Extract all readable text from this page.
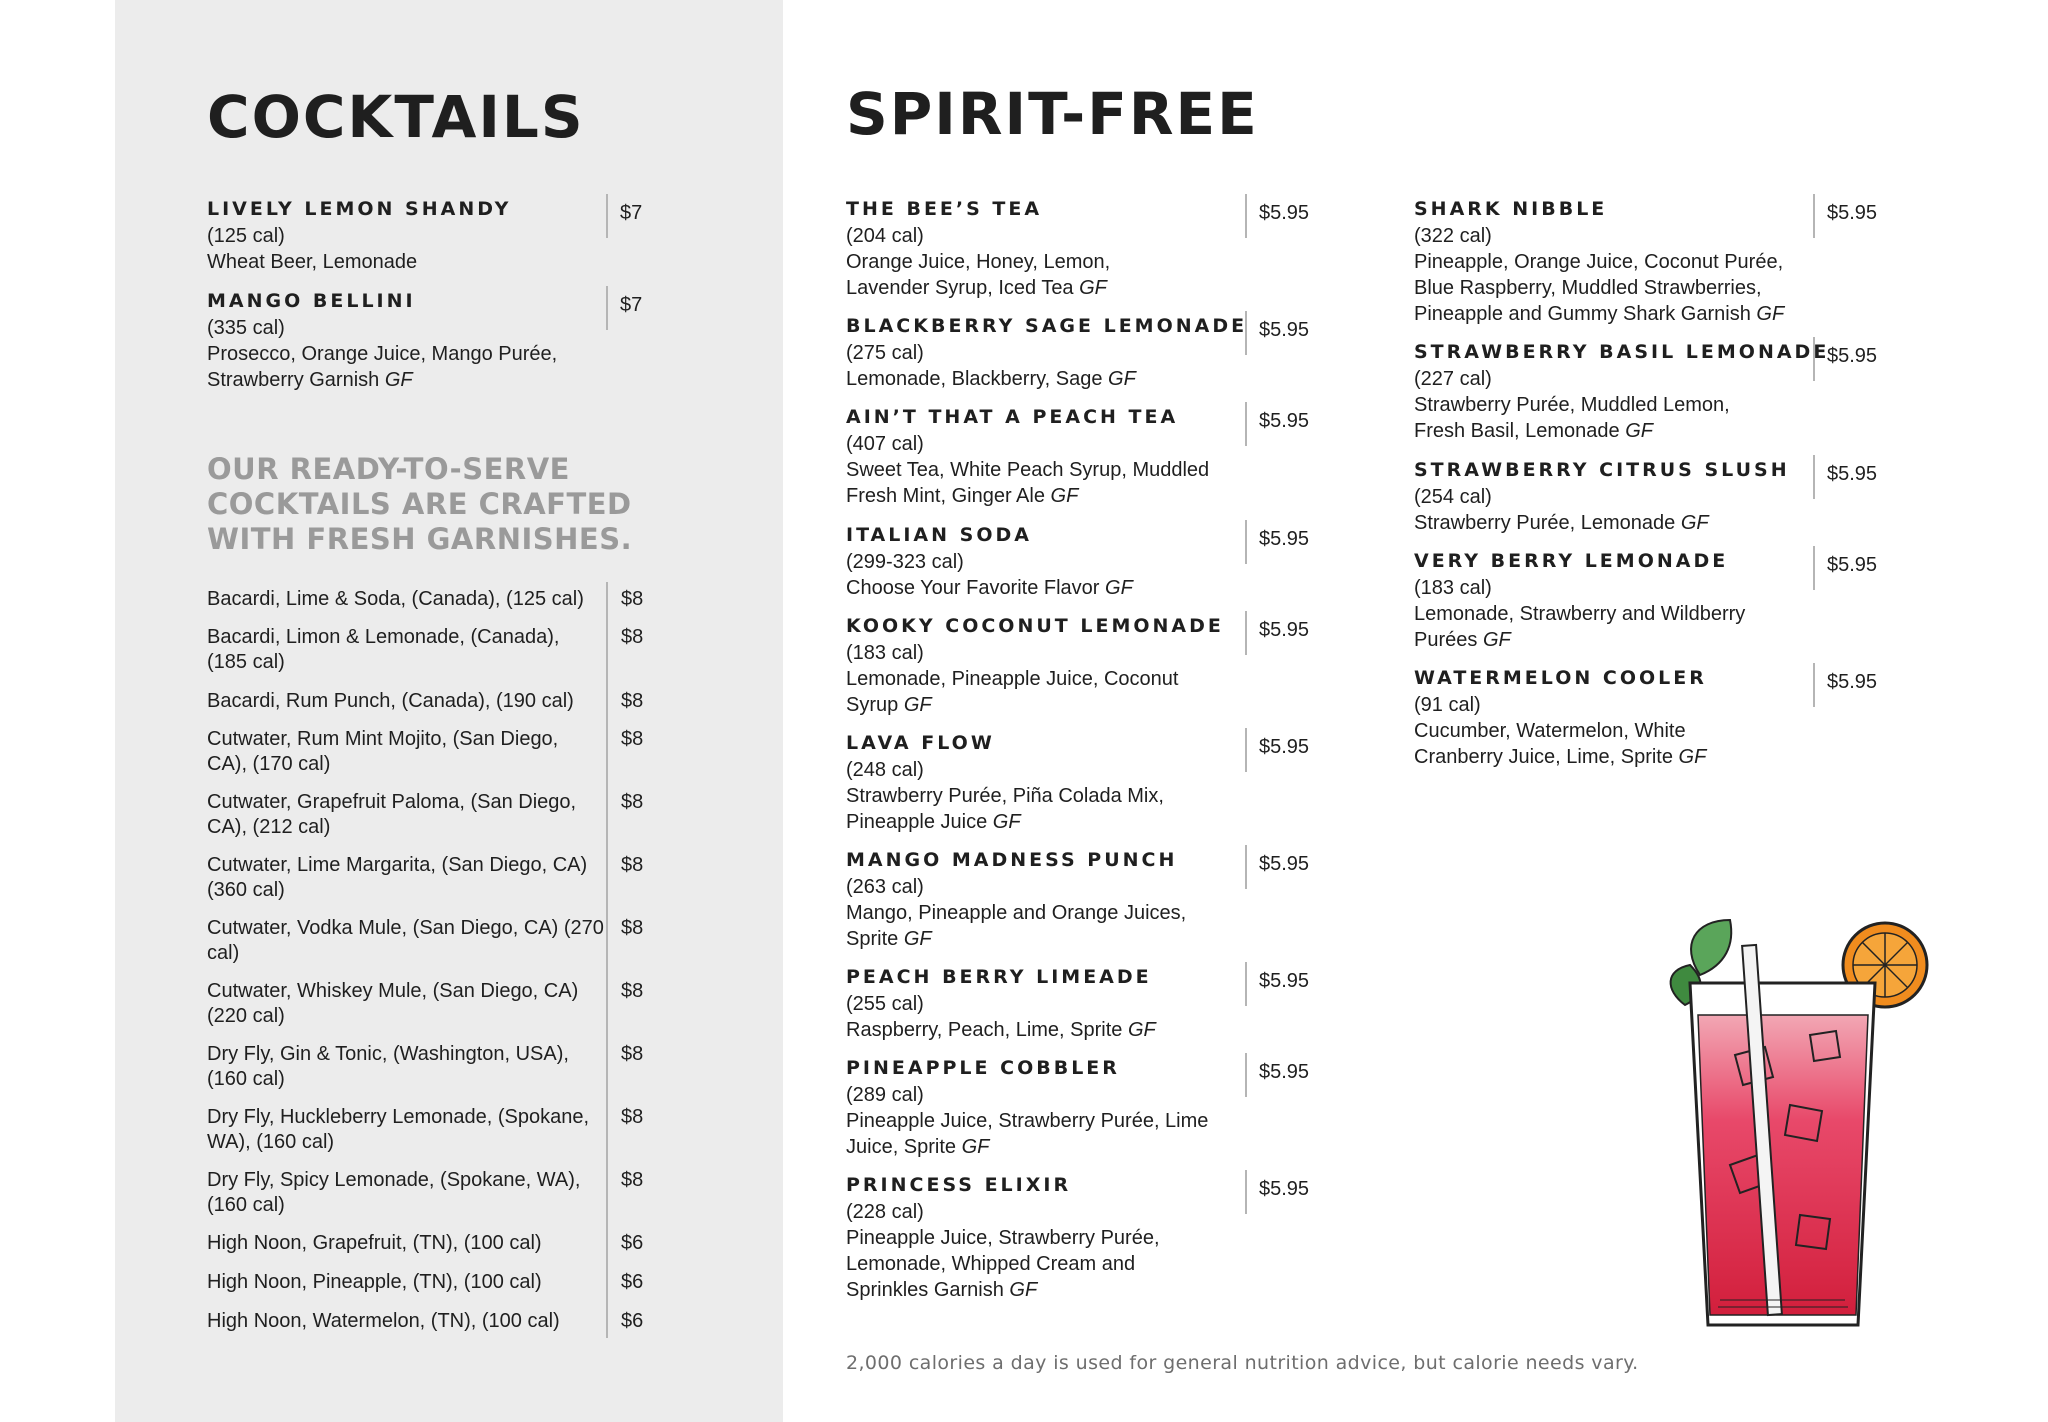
COCKTAILS	SPIRIT-FREE
LIVELY LEMON SHANDY
(125 cal)
Wheat Beer, Lemonade
$7
MANGO BELLINI
(335 cal)
Prosecco, Orange Juice, Mango Purée,
Strawberry Garnish GF
$7
OUR READY-TO-SERVE COCKTAILS ARE CRAFTED WITH FRESH GARNISHES.
Bacardi, Lime & Soda, (Canada), (125 cal)	$8
Bacardi, Limon & Lemonade, (Canada), (185 cal)
$8
Bacardi, Rum Punch, (Canada), (190 cal)	$8
Cutwater, Rum Mint Mojito, (San Diego, CA), (170 cal)
$8
Cutwater, Grapefruit Paloma, (San Diego, CA), (212 cal)
$8
Cutwater, Lime Margarita, (San Diego, CA) (360 cal)
$8
Cutwater, Vodka Mule, (San Diego, CA) (270 cal)
$8
Cutwater, Whiskey Mule, (San Diego, CA) (220 cal)
$8
Dry Fly, Gin & Tonic, (Washington, USA), (160 cal)
$8
Dry Fly, Huckleberry Lemonade, (Spokane, WA), (160 cal)
$8
Dry Fly, Spicy Lemonade, (Spokane, WA), (160 cal)
$8
High Noon, Grapefruit, (TN), (100 cal)	$6
High Noon, Pineapple, (TN), (100 cal)	$6
High Noon, Watermelon, (TN), (100 cal)	$6
THE BEE’S TEA
(204 cal)
Orange Juice, Honey, Lemon,
Lavender Syrup, Iced Tea GF
$5.95
BLACKBERRY SAGE LEMONADE
(275 cal)
Lemonade, Blackberry, Sage GF
$5.95
AIN’T THAT A PEACH TEA
(407 cal)
Sweet Tea, White Peach Syrup, Muddled
Fresh Mint, Ginger Ale GF
$5.95
ITALIAN SODA
(299-323 cal)
Choose Your Favorite Flavor GF
$5.95
KOOKY COCONUT LEMONADE
(183 cal)
Lemonade, Pineapple Juice, Coconut
Syrup GF
$5.95
LAVA FLOW
(248 cal)
Strawberry Purée, Piña Colada Mix,
Pineapple Juice GF
$5.95
MANGO MADNESS PUNCH
(263 cal)
Mango, Pineapple and Orange Juices,
Sprite GF
$5.95
PEACH BERRY LIMEADE
(255 cal)
Raspberry, Peach, Lime, Sprite GF
$5.95
PINEAPPLE COBBLER
(289 cal)
Pineapple Juice, Strawberry Purée, Lime
Juice, Sprite GF
$5.95
PRINCESS ELIXIR
(228 cal)
Pineapple Juice, Strawberry Purée,
Lemonade, Whipped Cream and
Sprinkles Garnish GF
$5.95
SHARK NIBBLE
(322 cal)
Pineapple, Orange Juice, Coconut Purée,
Blue Raspberry, Muddled Strawberries,
Pineapple and Gummy Shark Garnish GF
$5.95
STRAWBERRY BASIL LEMONADE
(227 cal)
Strawberry Purée, Muddled Lemon,
Fresh Basil, Lemonade GF
$5.95
STRAWBERRY CITRUS SLUSH
(254 cal)
Strawberry Purée, Lemonade GF
$5.95
VERY BERRY LEMONADE
(183 cal)
Lemonade, Strawberry and Wildberry
Purées GF
$5.95
WATERMELON COOLER
(91 cal)
Cucumber, Watermelon, White
Cranberry Juice, Lime, Sprite GF
$5.95
2,000 calories a day is used for general nutrition advice, but calorie needs vary.
